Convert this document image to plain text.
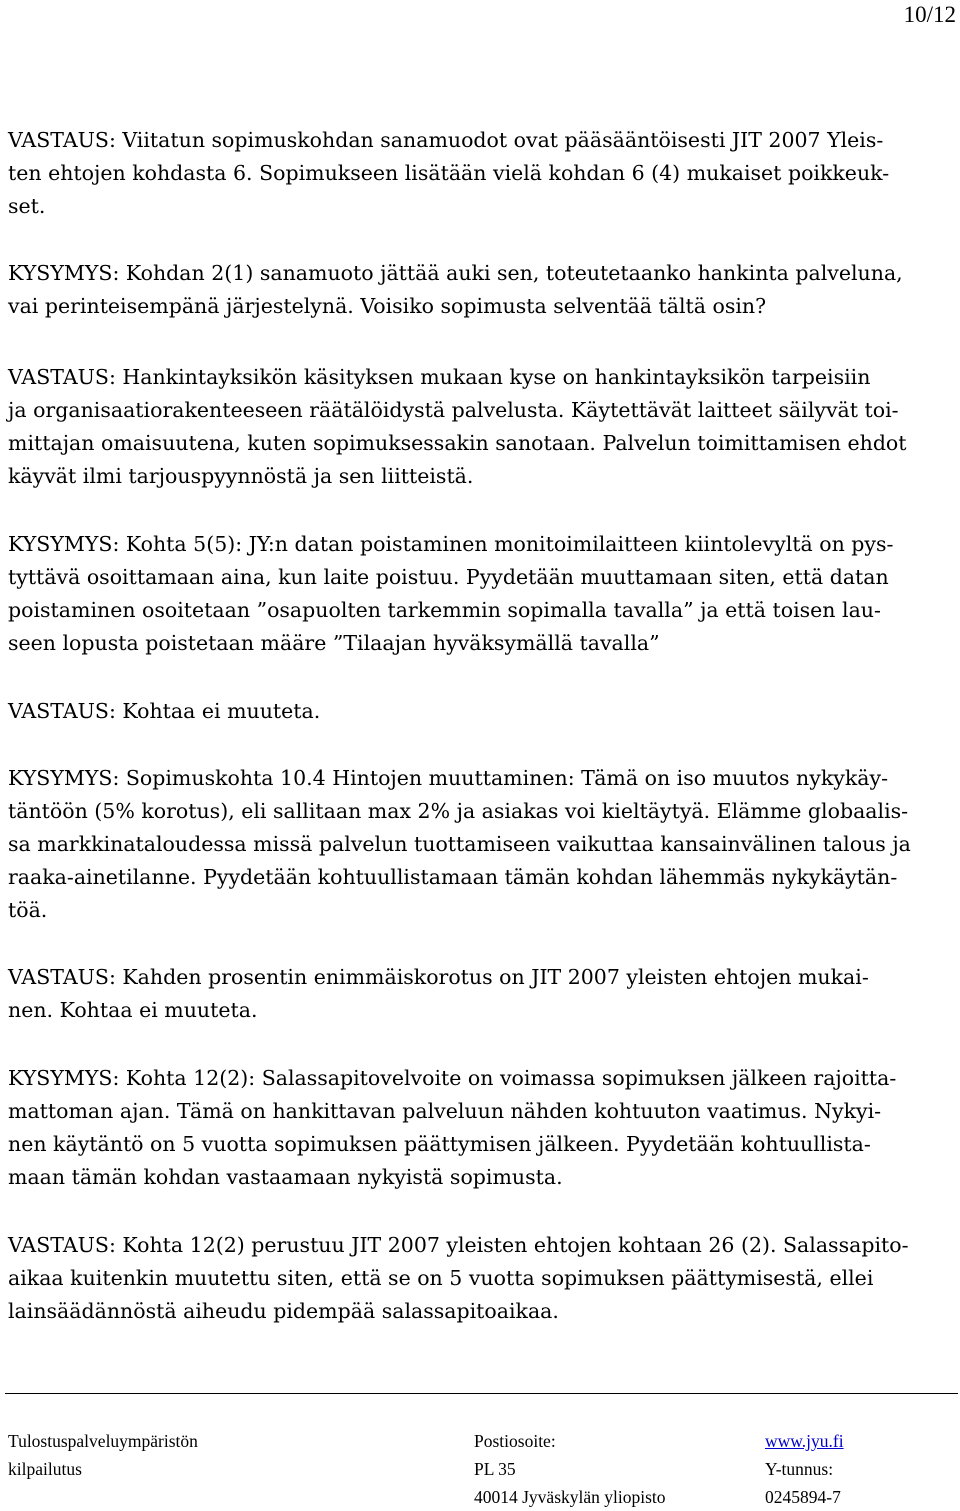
10/12
VASTAUS: Viitatun sopimuskohdan sanamuodot ovat pääsääntöisesti JIT 2007 Yleis-
ten ehtojen kohdasta 6. Sopimukseen lisätään vielä kohdan 6 (4) mukaiset poikkeuk-
set.
KYSYMYS: Kohdan 2(1) sanamuoto jättää auki sen, toteutetaanko hankinta palveluna,
vai perinteisempänä järjestelynä. Voisiko sopimusta selventää tältä osin?
VASTAUS: Hankintayksikön käsityksen mukaan kyse on hankintayksikön tarpeisiin
ja organisaatiorakenteeseen räätälöidystä palvelusta. Käytettävät laitteet säilyvät toi-
mittajan omaisuutena, kuten sopimuksessakin sanotaan. Palvelun toimittamisen ehdot
käyvät ilmi tarjouspyynnöstä ja sen liitteistä.
KYSYMYS: Kohta 5(5): JY:n datan poistaminen monitoimilaitteen kiintolevyltä on pys-
tyttävä osoittamaan aina, kun laite poistuu. Pyydetään muuttamaan siten, että datan
poistaminen osoitetaan ”osapuolten tarkemmin sopimalla tavalla” ja että toisen lau-
seen lopusta poistetaan määre ”Tilaajan hyväksymällä tavalla”
VASTAUS: Kohtaa ei muuteta.
KYSYMYS: Sopimuskohta 10.4 Hintojen muuttaminen: Tämä on iso muutos nykykäy-
täntöön (5% korotus), eli sallitaan max 2% ja asiakas voi kieltäytyä. Elämme globaalis-
sa markkinataloudessa missä palvelun tuottamiseen vaikuttaa kansainvälinen talous ja
raaka-ainetilanne. Pyydetään kohtuullistamaan tämän kohdan lähemmäs nykykäytän-
töä.
VASTAUS: Kahden prosentin enimmäiskorotus on JIT 2007 yleisten ehtojen mukai-
nen. Kohtaa ei muuteta.
KYSYMYS: Kohta 12(2): Salassapitovelvoite on voimassa sopimuksen jälkeen rajoitta-
mattoman ajan. Tämä on hankittavan palveluun nähden kohtuuton vaatimus. Nykyi-
nen käytäntö on 5 vuotta sopimuksen päättymisen jälkeen. Pyydetään kohtuullista-
maan tämän kohdan vastaamaan nykyistä sopimusta.
VASTAUS: Kohta 12(2) perustuu JIT 2007 yleisten ehtojen kohtaan 26 (2). Salassapito-
aikaa kuitenkin muutettu siten, että se on 5 vuotta sopimuksen päättymisestä, ellei
lainsäädännöstä aiheudu pidempää salassapitoaikaa.
Tulostuspalveluympäristön
kilpailutus
Postiosoite:
PL 35
40014 Jyväskylän yliopisto
www.jyu.fi
Y-tunnus:
0245894-7
